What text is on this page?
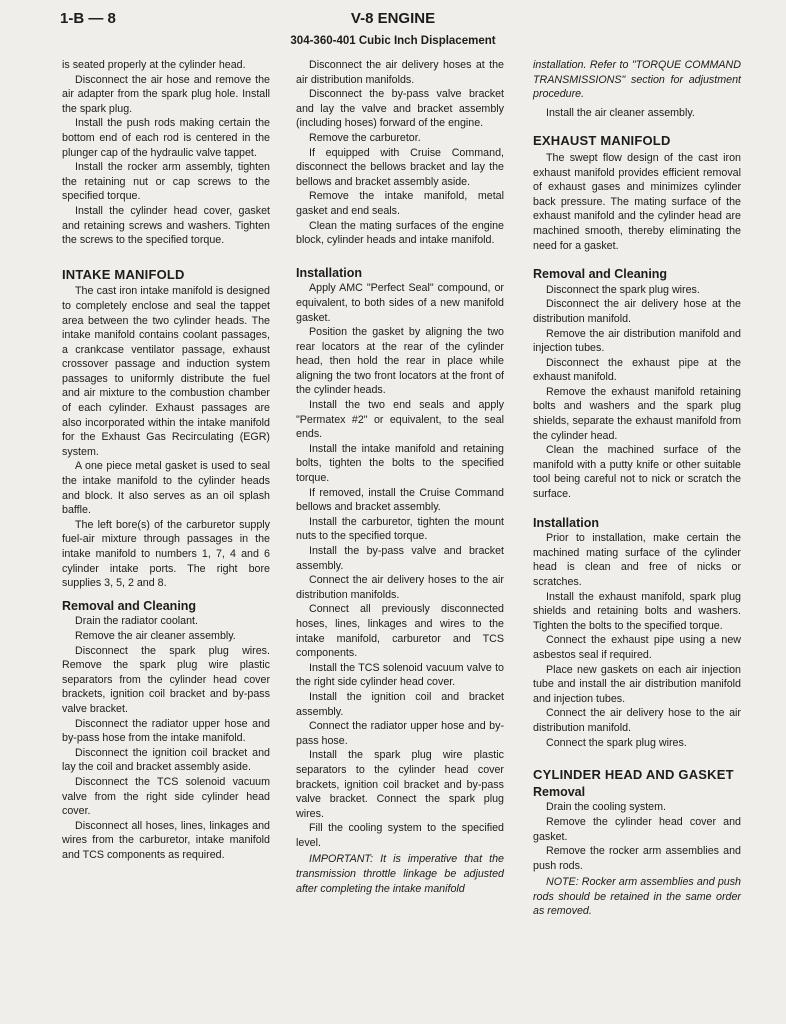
1-B — 8	V-8 ENGINE
304-360-401 Cubic Inch Displacement

is seated properly at the cylinder head.

Disconnect the air hose and remove the air adapter from the spark plug hole. Install the spark plug.

Install the push rods making certain the bottom end of each rod is centered in the plunger cap of the hydraulic valve tappet.

Install the rocker arm assembly, tighten the retaining nut or cap screws to the specified torque.

Install the cylinder head cover, gasket and retaining screws and washers. Tighten the screws to the specified torque.

INTAKE MANIFOLD

The cast iron intake manifold is designed to completely enclose and seal the tappet area between the two cylinder heads. The intake manifold contains coolant passages, a crankcase ventilator passage, exhaust crossover passage and induction system passages to uniformly distribute the fuel and air mixture to the combustion chamber of each cylinder. Exhaust passages are also incorporated within the intake manifold for the Exhaust Gas Recirculating (EGR) system.

A one piece metal gasket is used to seal the intake manifold to the cylinder heads and block. It also serves as an oil splash baffle.

The left bore(s) of the carburetor supply fuel-air mixture through passages in the intake manifold to numbers 1, 7, 4 and 6 cylinder intake ports. The right bore supplies 3, 5, 2 and 8.

Removal and Cleaning

Drain the radiator coolant.

Remove the air cleaner assembly.

Disconnect the spark plug wires. Remove the spark plug wire plastic separators from the cylinder head cover brackets, ignition coil bracket and by-pass valve bracket.

Disconnect the radiator upper hose and by-pass hose from the intake manifold.

Disconnect the ignition coil bracket and lay the coil and bracket assembly aside.

Disconnect the TCS solenoid vacuum valve from the right side cylinder head cover.

Disconnect all hoses, lines, linkages and wires from the carburetor, intake manifold and TCS components as required.

Disconnect the air delivery hoses at the air distribution manifolds.

Disconnect the by-pass valve bracket and lay the valve and bracket assembly (including hoses) forward of the engine.

Remove the carburetor.

If equipped with Cruise Command, disconnect the bellows bracket and lay the bellows and bracket assembly aside.

Remove the intake manifold, metal gasket and end seals.

Clean the mating surfaces of the engine block, cylinder heads and intake manifold.

Installation

Apply AMC "Perfect Seal" compound, or equivalent, to both sides of a new manifold gasket.

Position the gasket by aligning the two rear locators at the rear of the cylinder head, then hold the rear in place while aligning the two front locators at the front of the cylinder heads.

Install the two end seals and apply "Permatex #2" or equivalent, to the seal ends.

Install the intake manifold and retaining bolts, tighten the bolts to the specified torque.

If removed, install the Cruise Command bellows and bracket assembly.

Install the carburetor, tighten the mount nuts to the specified torque.

Install the by-pass valve and bracket assembly.

Connect the air delivery hoses to the air distribution manifolds.

Connect all previously disconnected hoses, lines, linkages and wires to the intake manifold, carburetor and TCS components.

Install the TCS solenoid vacuum valve to the right side cylinder head cover.

Install the ignition coil and bracket assembly.

Connect the radiator upper hose and by-pass hose.

Install the spark plug wire plastic separators to the cylinder head cover brackets, ignition coil bracket and by-pass valve bracket. Connect the spark plug wires.

Fill the cooling system to the specified level.

IMPORTANT: It is imperative that the transmission throttle linkage be adjusted after completing the intake manifold

installation. Refer to "TORQUE COMMAND TRANSMISSIONS" section for adjustment procedure.

Install the air cleaner assembly.

EXHAUST MANIFOLD

The swept flow design of the cast iron exhaust manifold provides efficient removal of exhaust gases and minimizes cylinder back pressure. The mating surface of the exhaust manifold and the cylinder head are machined smooth, thereby eliminating the need for a gasket.

Removal and Cleaning

Disconnect the spark plug wires.

Disconnect the air delivery hose at the distribution manifold.

Remove the air distribution manifold and injection tubes.

Disconnect the exhaust pipe at the exhaust manifold.

Remove the exhaust manifold retaining bolts and washers and the spark plug shields, separate the exhaust manifold from the cylinder head.

Clean the machined surface of the manifold with a putty knife or other suitable tool being careful not to nick or scratch the surface.

Installation

Prior to installation, make certain the machined mating surface of the cylinder head is clean and free of nicks or scratches.

Install the exhaust manifold, spark plug shields and retaining bolts and washers. Tighten the bolts to the specified torque.

Connect the exhaust pipe using a new asbestos seal if required.

Place new gaskets on each air injection tube and install the air distribution manifold and injection tubes.

Connect the air delivery hose to the air distribution manifold.

Connect the spark plug wires.

CYLINDER HEAD AND GASKET
Removal

Drain the cooling system.

Remove the cylinder head cover and gasket.

Remove the rocker arm assemblies and push rods.

NOTE: Rocker arm assemblies and push rods should be retained in the same order as removed.
